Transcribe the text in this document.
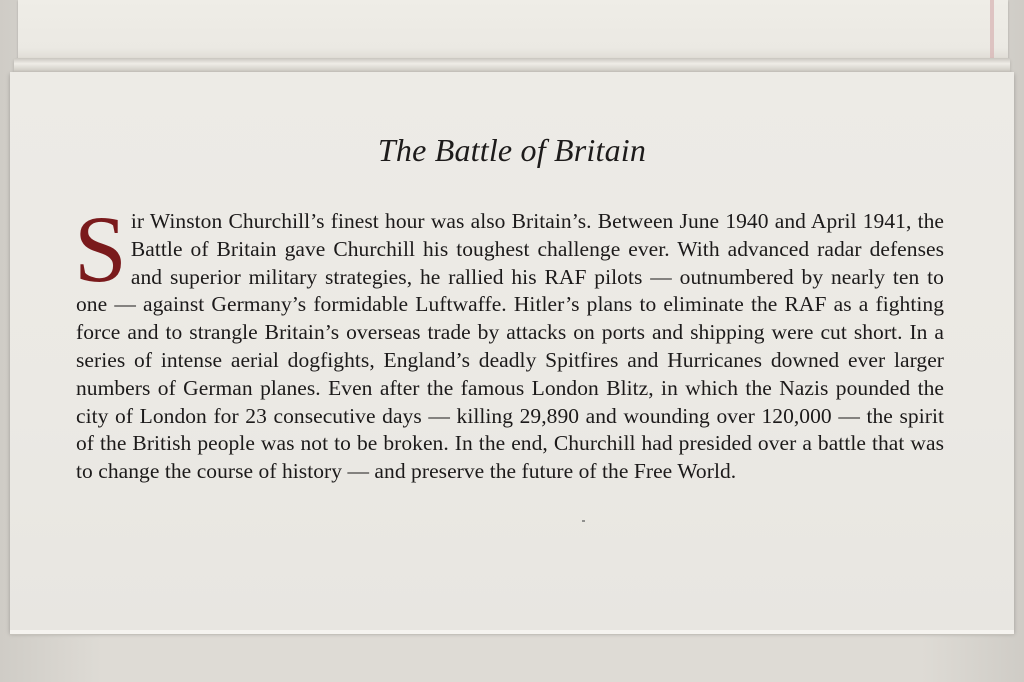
The Battle of Britain
Sir Winston Churchill’s finest hour was also Britain’s. Between June 1940 and April 1941, the Battle of Britain gave Churchill his toughest challenge ever. With advanced radar defenses and superior military strategies, he rallied his RAF pilots — outnumbered by nearly ten to one — against Germany’s formidable Luftwaffe. Hitler’s plans to eliminate the RAF as a fighting force and to strangle Britain’s overseas trade by attacks on ports and shipping were cut short. In a series of intense aerial dogfights, England’s deadly Spitfires and Hurricanes downed ever larger numbers of German planes. Even after the famous London Blitz, in which the Nazis pounded the city of London for 23 consecutive days — killing 29,890 and wounding over 120,000 — the spirit of the British people was not to be broken. In the end, Churchill had presided over a battle that was to change the course of history — and preserve the future of the Free World.
